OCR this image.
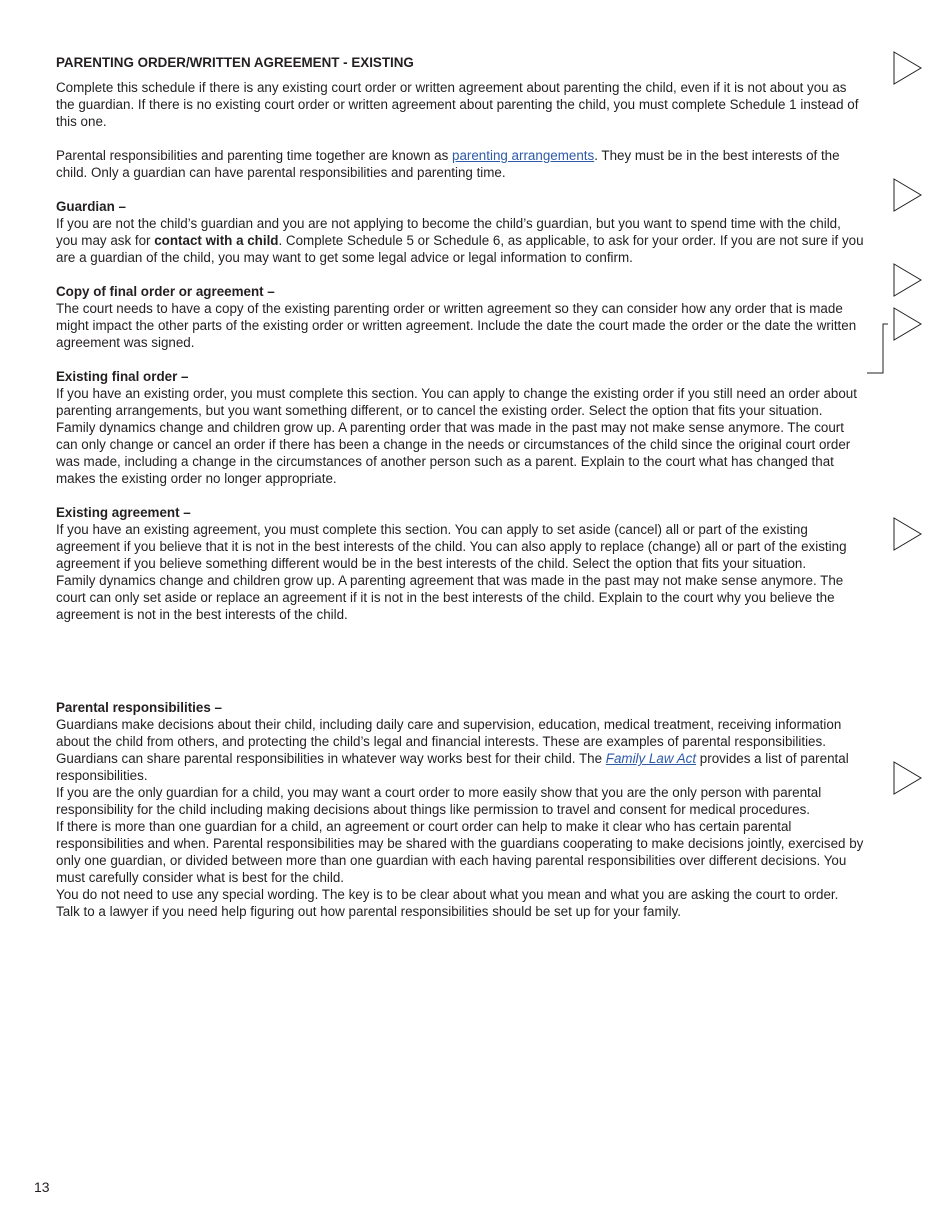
PARENTING ORDER/WRITTEN AGREEMENT - EXISTING

Complete this schedule if there is any existing court order or written agreement about parenting the child, even if it is not about you as the guardian. If there is no existing court order or written agreement about parenting the child, you must complete Schedule 1 instead of this one.

Parental responsibilities and parenting time together are known as parenting arrangements. They must be in the best interests of the child. Only a guardian can have parental responsibilities and parenting time.

Guardian –

If you are not the child’s guardian and you are not applying to become the child’s guardian, but you want to spend time with the child, you may ask for contact with a child. Complete Schedule 5 or Schedule 6, as applicable, to ask for your order. If you are not sure if you are a guardian of the child, you may want to get some legal advice or legal information to confirm.

Copy of final order or agreement –

The court needs to have a copy of the existing parenting order or written agreement so they can consider how any order that is made might impact the other parts of the existing order or written agreement. Include the date the court made the order or the date the written agreement was signed.

Existing final order –

If you have an existing order, you must complete this section. You can apply to change the existing order if you still need an order about parenting arrangements, but you want something different, or to cancel the existing order. Select the option that fits your situation.

Family dynamics change and children grow up. A parenting order that was made in the past may not make sense anymore. The court can only change or cancel an order if there has been a change in the needs or circumstances of the child since the original court order was made, including a change in the circumstances of another person such as a parent. Explain to the court what has changed that makes the existing order no longer appropriate.

Existing agreement –

If you have an existing agreement, you must complete this section. You can apply to set aside (cancel) all or part of the existing agreement if you believe that it is not in the best interests of the child. You can also apply to replace (change) all or part of the existing agreement if you believe something different would be in the best interests of the child. Select the option that fits your situation.

Family dynamics change and children grow up. A parenting agreement that was made in the past may not make sense anymore. The court can only set aside or replace an agreement if it is not in the best interests of the child. Explain to the court why you believe the agreement is not in the best interests of the child.

Parental responsibilities –

Guardians make decisions about their child, including daily care and supervision, education, medical treatment, receiving information about the child from others, and protecting the child’s legal and financial interests. These are examples of parental responsibilities. Guardians can share parental responsibilities in whatever way works best for their child. The Family Law Act provides a list of parental responsibilities.

If you are the only guardian for a child, you may want a court order to more easily show that you are the only person with parental responsibility for the child including making decisions about things like permission to travel and consent for medical procedures.

If there is more than one guardian for a child, an agreement or court order can help to make it clear who has certain parental responsibilities and when. Parental responsibilities may be shared with the guardians cooperating to make decisions jointly, exercised by only one guardian, or divided between more than one guardian with each having parental responsibilities over different decisions. You must carefully consider what is best for the child.

You do not need to use any special wording. The key is to be clear about what you mean and what you are asking the court to order.

Talk to a lawyer if you need help figuring out how parental responsibilities should be set up for your family.

13
